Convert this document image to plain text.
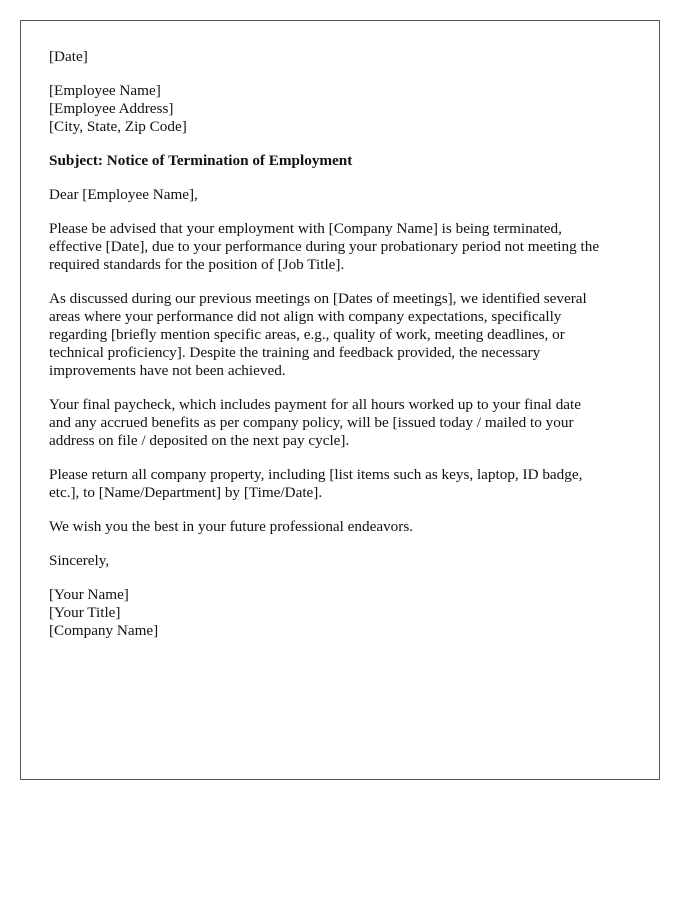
[Date]
[Employee Name]
[Employee Address]
[City, State, Zip Code]
Subject: Notice of Termination of Employment
Dear [Employee Name],

Please be advised that your employment with [Company Name] is being terminated,
effective [Date], due to your performance during your probationary period not meeting the
required standards for the position of [Job Title].

As discussed during our previous meetings on [Dates of meetings], we identified several
areas where your performance did not align with company expectations, specifically
regarding [briefly mention specific areas, e.g., quality of work, meeting deadlines, or
technical proficiency]. Despite the training and feedback provided, the necessary
improvements have not been achieved.

Your final paycheck, which includes payment for all hours worked up to your final date
and any accrued benefits as per company policy, will be [issued today / mailed to your
address on file / deposited on the next pay cycle].

Please return all company property, including [list items such as keys, laptop, ID badge,
etc.], to [Name/Department] by [Time/Date].

We wish you the best in your future professional endeavors.

Sincerely,
[Your Name]
[Your Title]
[Company Name]
